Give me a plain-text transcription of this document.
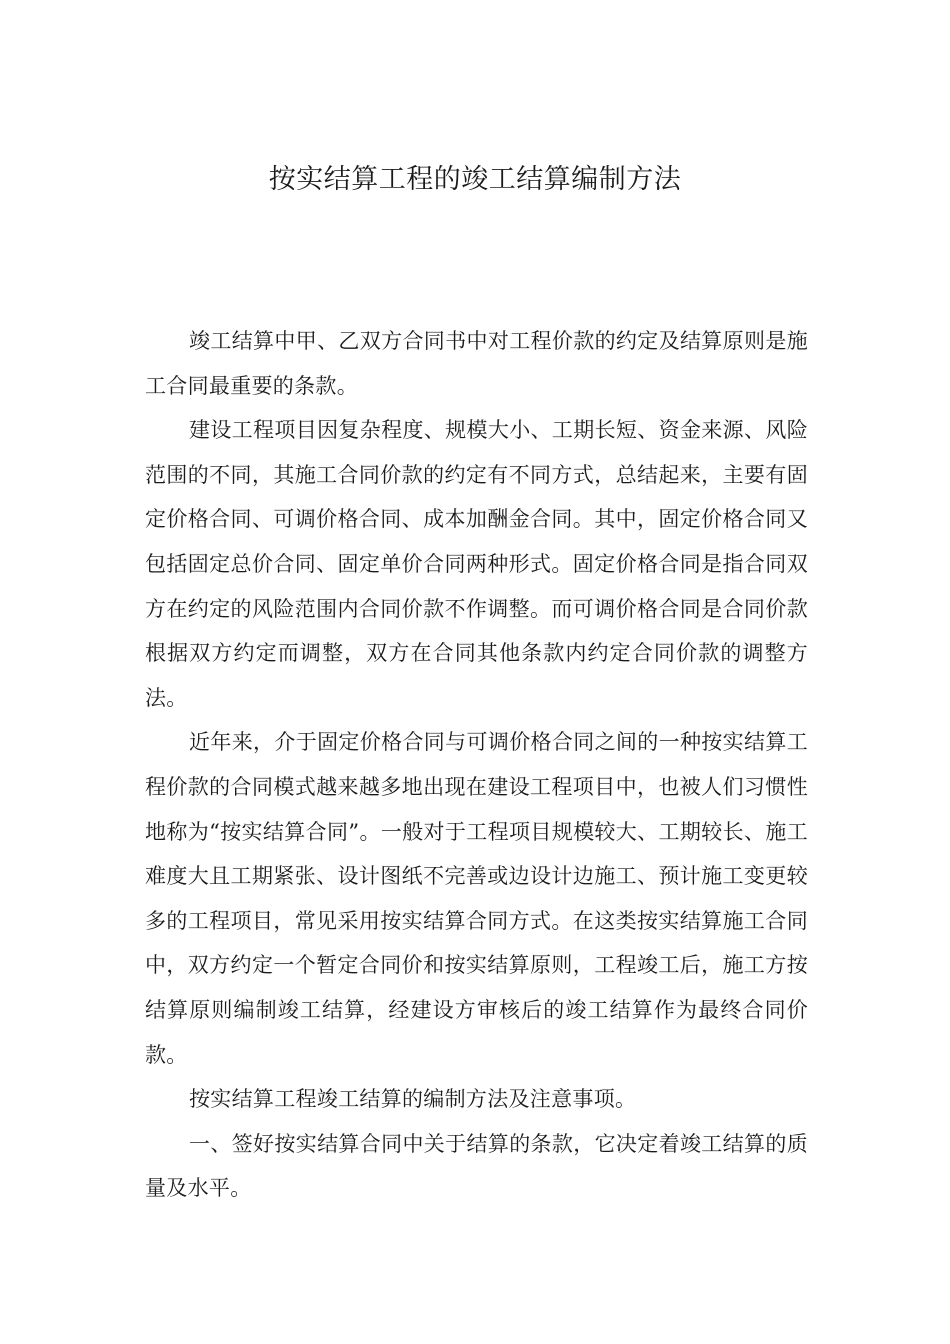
按实结算工程的竣工结算编制方法

竣工结算中甲、乙双方合同书中对工程价款的约定及结算原则是施工合同最重要的条款。

建设工程项目因复杂程度、规模大小、工期长短、资金来源、风险范围的不同，其施工合同价款的约定有不同方式，总结起来，主要有固定价格合同、可调价格合同、成本加酬金合同。其中，固定价格合同又包括固定总价合同、固定单价合同两种形式。固定价格合同是指合同双方在约定的风险范围内合同价款不作调整。而可调价格合同是合同价款根据双方约定而调整，双方在合同其他条款内约定合同价款的调整方法。

近年来，介于固定价格合同与可调价格合同之间的一种按实结算工程价款的合同模式越来越多地出现在建设工程项目中，也被人们习惯性地称为“按实结算合同”。一般对于工程项目规模较大、工期较长、施工难度大且工期紧张、设计图纸不完善或边设计边施工、预计施工变更较多的工程项目，常见采用按实结算合同方式。在这类按实结算施工合同中，双方约定一个暂定合同价和按实结算原则，工程竣工后，施工方按结算原则编制竣工结算，经建设方审核后的竣工结算作为最终合同价款。

按实结算工程竣工结算的编制方法及注意事项。

一、签好按实结算合同中关于结算的条款，它决定着竣工结算的质量及水平。
